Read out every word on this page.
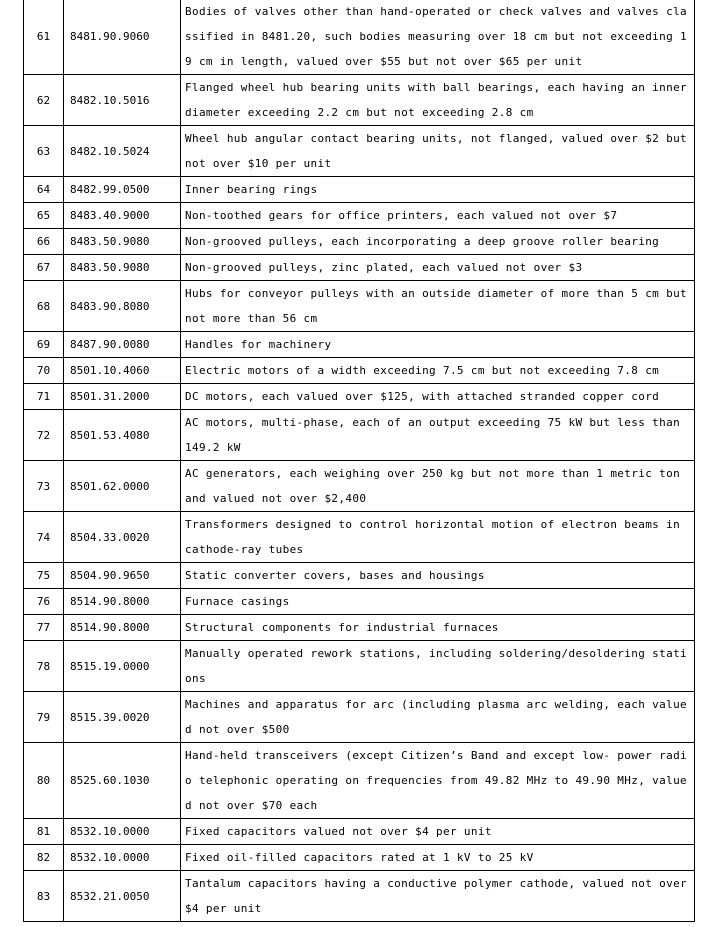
61	8481.90.9060	Bodies of valves other than hand-operated or check valves and valves classified in 8481.20, such bodies measuring over 18 cm but not exceeding 19 cm in length, valued over $55 but not over $65 per unit
62	8482.10.5016	Flanged wheel hub bearing units with ball bearings, each having an inner diameter exceeding 2.2 cm but not exceeding 2.8 cm
63	8482.10.5024	Wheel hub angular contact bearing units, not flanged, valued over $2 but not over $10 per unit
64	8482.99.0500	Inner bearing rings
65	8483.40.9000	Non-toothed gears for office printers, each valued not over $7
66	8483.50.9080	Non-grooved pulleys, each incorporating a deep groove roller bearing
67	8483.50.9080	Non-grooved pulleys, zinc plated, each valued not over $3
68	8483.90.8080	Hubs for conveyor pulleys with an outside diameter of more than 5 cm but not more than 56 cm
69	8487.90.0080	Handles for machinery
70	8501.10.4060	Electric motors of a width exceeding 7.5 cm but not exceeding 7.8 cm
71	8501.31.2000	DC motors, each valued over $125, with attached stranded copper cord
72	8501.53.4080	AC motors, multi-phase, each of an output exceeding 75 kW but less than 149.2 kW
73	8501.62.0000	AC generators, each weighing over 250 kg but not more than 1 metric ton and valued not over $2,400
74	8504.33.0020	Transformers designed to control horizontal motion of electron beams in cathode-ray tubes
75	8504.90.9650	Static converter covers, bases and housings
76	8514.90.8000	Furnace casings
77	8514.90.8000	Structural components for industrial furnaces
78	8515.19.0000	Manually operated rework stations, including soldering/desoldering stations
79	8515.39.0020	Machines and apparatus for arc (including plasma arc welding, each valued not over $500
80	8525.60.1030	Hand-held transceivers (except Citizen’s Band and except low- power radio telephonic operating on frequencies from 49.82 MHz to 49.90 MHz, valued not over $70 each
81	8532.10.0000	Fixed capacitors valued not over $4 per unit
82	8532.10.0000	Fixed oil-filled capacitors rated at 1 kV to 25 kV
83	8532.21.0050	Tantalum capacitors having a conductive polymer cathode, valued not over $4 per unit
